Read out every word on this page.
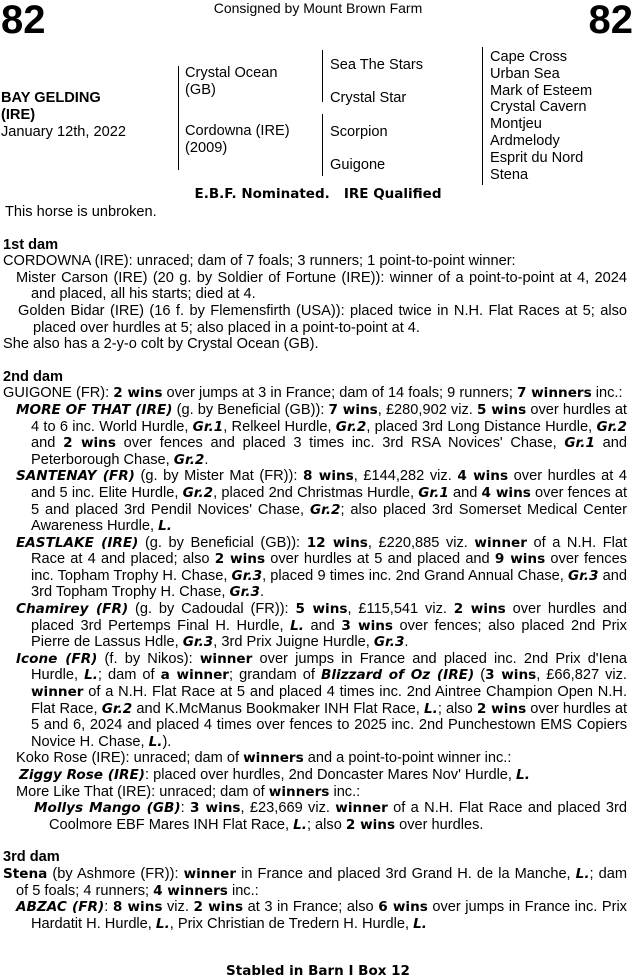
82	82
Consigned by Mount Brown Farm
BAY GELDING
(IRE)
January 12th, 2022
Crystal Ocean
(GB)
Cordowna (IRE)
(2009)
Sea The Stars
Crystal Star
Scorpion
Guigone
Cape Cross
Urban Sea
Mark of Esteem
Crystal Cavern
Montjeu
Ardmelody
Esprit du Nord
Stena
E.B.F. Nominated. IRE Qualified
This horse is unbroken.
1st dam
CORDOWNA (IRE): unraced; dam of 7 foals; 3 runners; 1 point-to-point winner:
Mister Carson (IRE) (20 g. by Soldier of Fortune (IRE)): winner of a point-to-point at 4, 2024 and placed, all his starts; died at 4.
Golden Bidar (IRE) (16 f. by Flemensfirth (USA)): placed twice in N.H. Flat Races at 5; also placed over hurdles at 5; also placed in a point-to-point at 4.
She also has a 2-y-o colt by Crystal Ocean (GB).
2nd dam
GUIGONE (FR): 2 wins over jumps at 3 in France; dam of 14 foals; 9 runners; 7 winners inc.:
MORE OF THAT (IRE) (g. by Beneficial (GB)): 7 wins, £280,902 viz. 5 wins over hurdles at 4 to 6 inc. World Hurdle, Gr.1, Relkeel Hurdle, Gr.2, placed 3rd Long Distance Hurdle, Gr.2 and 2 wins over fences and placed 3 times inc. 3rd RSA Novices' Chase, Gr.1 and Peterborough Chase, Gr.2.
SANTENAY (FR) (g. by Mister Mat (FR)): 8 wins, £144,282 viz. 4 wins over hurdles at 4 and 5 inc. Elite Hurdle, Gr.2, placed 2nd Christmas Hurdle, Gr.1 and 4 wins over fences at 5 and placed 3rd Pendil Novices' Chase, Gr.2; also placed 3rd Somerset Medical Center Awareness Hurdle, L.
EASTLAKE (IRE) (g. by Beneficial (GB)): 12 wins, £220,885 viz. winner of a N.H. Flat Race at 4 and placed; also 2 wins over hurdles at 5 and placed and 9 wins over fences inc. Topham Trophy H. Chase, Gr.3, placed 9 times inc. 2nd Grand Annual Chase, Gr.3 and 3rd Topham Trophy H. Chase, Gr.3.
Chamirey (FR) (g. by Cadoudal (FR)): 5 wins, £115,541 viz. 2 wins over hurdles and placed 3rd Pertemps Final H. Hurdle, L. and 3 wins over fences; also placed 2nd Prix Pierre de Lassus Hdle, Gr.3, 3rd Prix Juigne Hurdle, Gr.3.
Icone (FR) (f. by Nikos): winner over jumps in France and placed inc. 2nd Prix d'Iena Hurdle, L.; dam of a winner; grandam of Blizzard of Oz (IRE) (3 wins, £66,827 viz. winner of a N.H. Flat Race at 5 and placed 4 times inc. 2nd Aintree Champion Open N.H. Flat Race, Gr.2 and K.McManus Bookmaker INH Flat Race, L.; also 2 wins over hurdles at 5 and 6, 2024 and placed 4 times over fences to 2025 inc. 2nd Punchestown EMS Copiers Novice H. Chase, L.).
Koko Rose (IRE): unraced; dam of winners and a point-to-point winner inc.:
Ziggy Rose (IRE): placed over hurdles, 2nd Doncaster Mares Nov' Hurdle, L.
More Like That (IRE): unraced; dam of winners inc.:
Mollys Mango (GB): 3 wins, £23,669 viz. winner of a N.H. Flat Race and placed 3rd Coolmore EBF Mares INH Flat Race, L.; also 2 wins over hurdles.
3rd dam
Stena (by Ashmore (FR)): winner in France and placed 3rd Grand H. de la Manche, L.; dam of 5 foals; 4 runners; 4 winners inc.:
ABZAC (FR): 8 wins viz. 2 wins at 3 in France; also 6 wins over jumps in France inc. Prix Hardatit H. Hurdle, L., Prix Christian de Tredern H. Hurdle, L.
Stabled in Barn I Box 12
